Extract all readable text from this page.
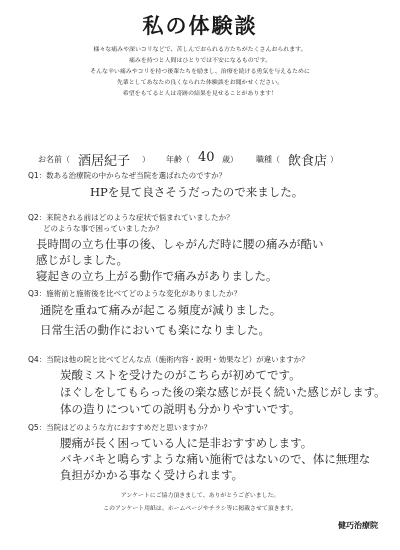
私の体験談
様々な痛みや深いコリなどで、苦しんでおられる方たちがたくさんおられます。
痛みを持つと人間はひとりでは不安になるものです。
そんな辛い痛みやコリを持つ後輩たちを励まし、治療を続ける勇気を与えるために
先輩としてあなたの良くなられた体験談をお聞かせください。
希望をもてると人は奇跡の結果を見せることがあります！
お名前（ 酒居紀子 ） 年齢（ 40 歳） 職種（ 飲食店 ）
Q1：数ある治療院の中からなぜ当院を選ばれたのですか？
HPを見て良さそうだったので来ました。
Q2：来院される前はどのような症状で悩まれていましたか？
　　どのような事で困っていましたか？
長時間の立ち仕事の後、しゃがんだ時に腰の痛みが酷い
感じがしました。
寝起きの立ち上がる動作で痛みがありました。
Q3：施術前と施術後を比べてどのような変化がありましたか？
通院を重ねて痛みが起こる頻度が減りました。
日常生活の動作においても楽になりました。
Q4：当院は他の院と比べてどんな点（施術内容・説明・効果など）が違いますか？
炭酸ミストを受けたのがこちらが初めてです。
ほぐしをしてもらった後の楽な感じが長く続いた感じがします。
体の造りについての説明も分かりやすいです。
Q5：当院はどのような方におすすめだと思いますか？
腰痛が長く困っている人に是非おすすめします。
バキバキと鳴らすような痛い施術ではないので、体に無理な
負担がかかる事なく受けられます。
アンケートにご協力頂きまして、ありがとうございました。
このアンケート用紙は、ホームページやチラシ等に掲載させて頂きます。
健巧治療院
